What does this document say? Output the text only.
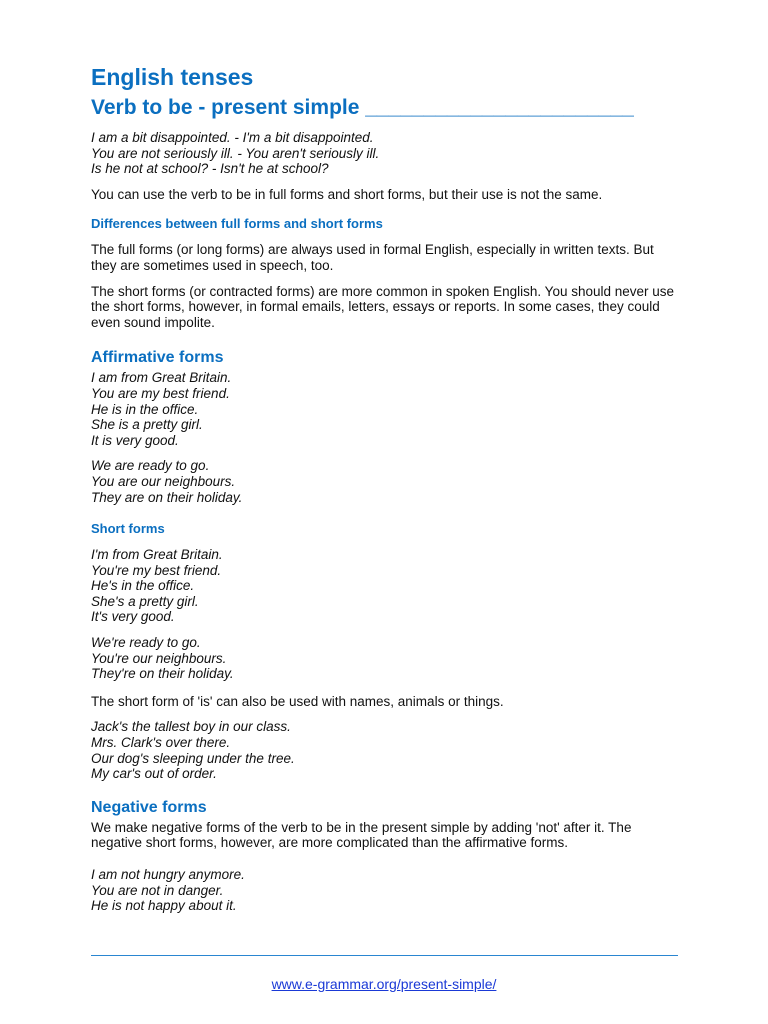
English tenses
Verb to be - present simple _______________________
I am a bit disappointed. - I'm a bit disappointed.
You are not seriously ill. - You aren't seriously ill.
Is he not at school? - Isn't he at school?
You can use the verb to be in full forms and short forms, but their use is not the same.
Differences between full forms and short forms
The full forms (or long forms) are always used in formal English, especially in written texts. But they are sometimes used in speech, too.
The short forms (or contracted forms) are more common in spoken English. You should never use the short forms, however, in formal emails, letters, essays or reports. In some cases, they could even sound impolite.
Affirmative forms
I am from Great Britain.
You are my best friend.
He is in the office.
She is a pretty girl.
It is very good.
We are ready to go.
You are our neighbours.
They are on their holiday.
Short forms
I'm from Great Britain.
You're my best friend.
He's in the office.
She's a pretty girl.
It's very good.
We're ready to go.
You're our neighbours.
They're on their holiday.
The short form of 'is' can also be used with names, animals or things.
Jack's the tallest boy in our class.
Mrs. Clark's over there.
Our dog's sleeping under the tree.
My car's out of order.
Negative forms
We make negative forms of the verb to be in the present simple by adding 'not' after it. The negative short forms, however, are more complicated than the affirmative forms.
I am not hungry anymore.
You are not in danger.
He is not happy about it.
www.e-grammar.org/present-simple/
